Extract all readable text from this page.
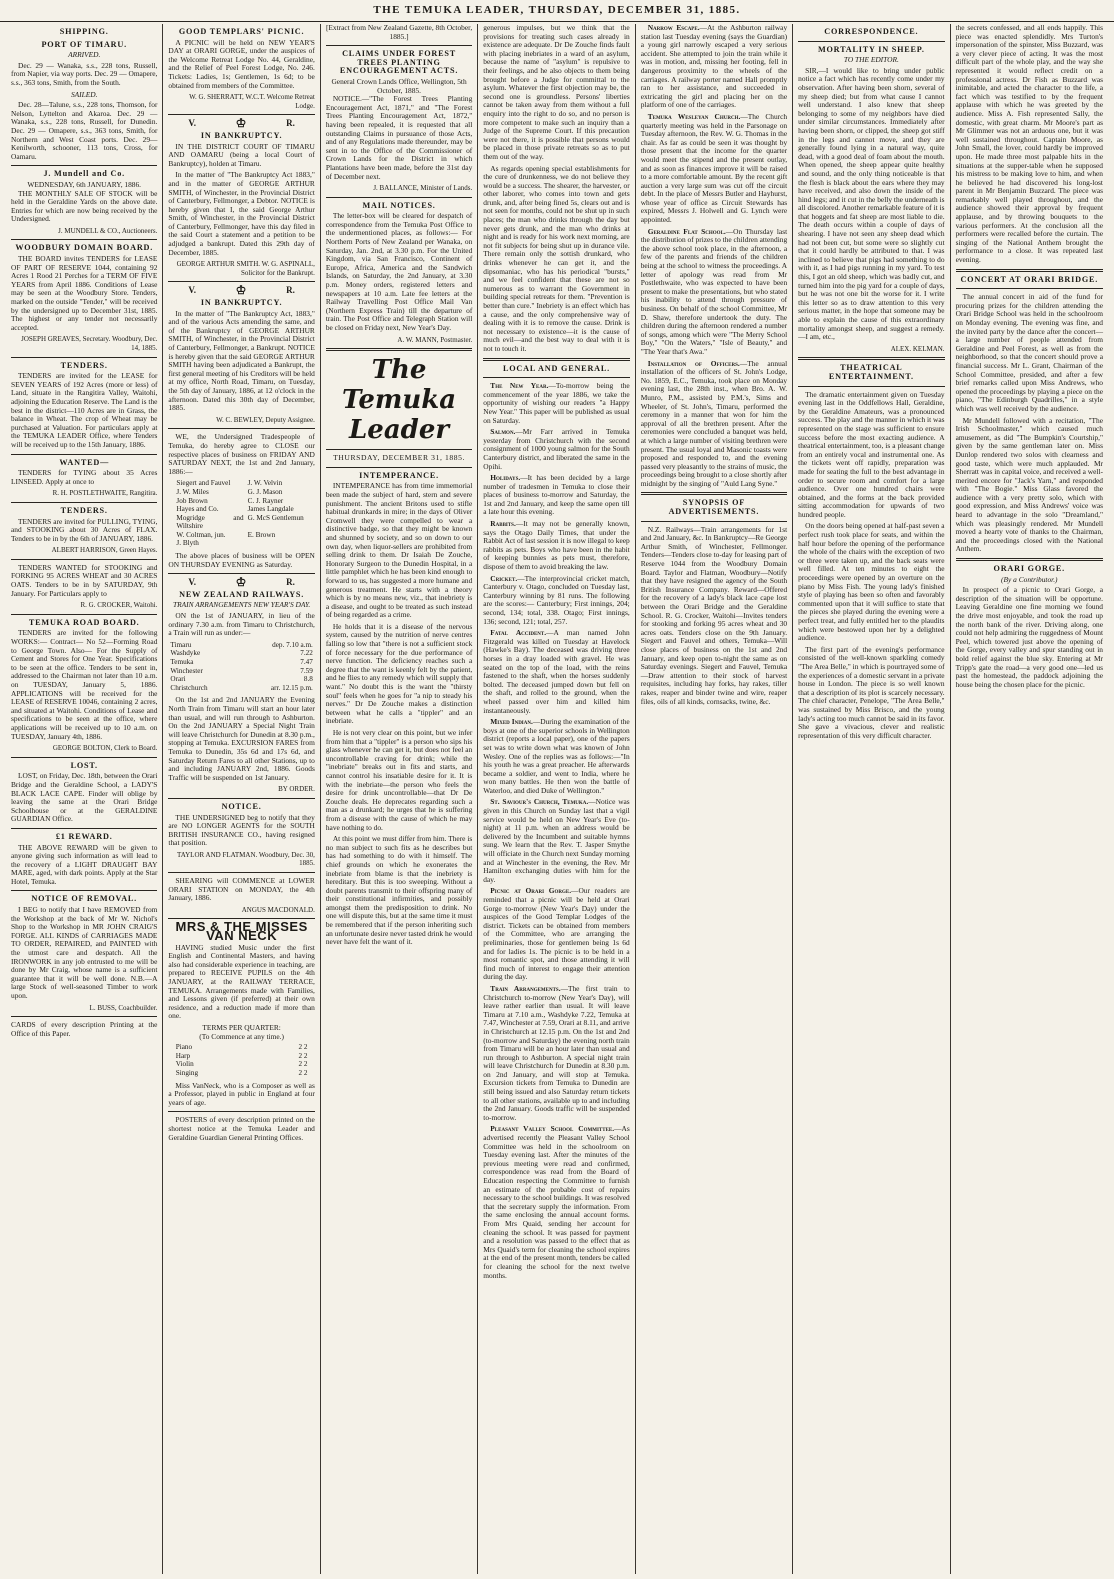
THE TEMUKA LEADER, THURSDAY, DECEMBER 31, 1885.
SHIPPING.
PORT OF TIMARU.
ARRIVED.

Dec. 29 — Wanaka, s.s., 228 tons, Russell, from Napier, via way ports. Dec. 29 — Omapere, s.s., 363 tons, Smith, from the South.

SAILED.

Dec. 28—Talune, s.s., 228 tons, Thomson, for Nelson, Lyttelton and Akaroa. Dec. 29 — Wanaka, s.s., 228 tons, Russell, for Dunedin. Dec. 29 — Omapere, s.s., 363 tons, Smith, for Northern and West Coast ports. Dec. 29—Kenilworth, schooner, 113 tons, Cross, for Oamaru.

J. Mundell and Co.
WEDNESDAY, 6th JANUARY, 1886.

THE MONTHLY SALE OF STOCK will be held in the Geraldine Yards on the above date. Entries for which are now being received by the Undersigned.

J. MUNDELL & CO., Auctioneers.
WOODBURY DOMAIN BOARD.

THE BOARD invites TENDERS for LEASE OF PART OF RESERVE 1044, containing 92 Acres 1 Rood 21 Perches for a TERM OF FIVE YEARS from April 1886. Conditions of Lease may be seen at the Woodbury Store. Tenders, marked on the outside "Tender," will be received by the undersigned up to December 31st, 1885. The highest or any tender not necessarily accepted.

JOSEPH GREAVES, Secretary. Woodbury, Dec. 14, 1885.
TENDERS.

TENDERS are invited for the LEASE for SEVEN YEARS of 192 Acres (more or less) of Land, situate in the Rangitira Valley, Waitohi, adjoining the Education Reserve. The Land is the best in the district—110 Acres are in Grass, the balance in Wheat. The crop of Wheat may be purchased at Valuation. For particulars apply at the TEMUKA LEADER Office, where Tenders will be received up to the 15th January, 1886.

WANTED—

TENDERS for TYING about 35 Acres LINSEED. Apply at once to

R. H. POSTLETHWAITE, Rangitira.
TENDERS.

TENDERS are invited for PULLING, TYING, and STOOKING about 30 Acres of FLAX. Tenders to be in by the 6th of JANUARY, 1886.

ALBERT HARRISON, Green Hayes.

TENDERS WANTED for STOOKING and FORKING 95 ACRES WHEAT and 30 ACRES OATS. Tenders to be in by SATURDAY, 9th January. For Particulars apply to

R. G. CROCKER, Waitohi.
TEMUKA ROAD BOARD.

TENDERS are invited for the following WORKS:— Contract— No 52—Forming Road to George Town. Also— For the Supply of Cement and Stores for One Year. Specifications to be seen at the office. Tenders to be sent in, addressed to the Chairman not later than 10 a.m. on TUESDAY, January 5, 1886. APPLICATIONS will be received for the LEASE of RESERVE 10046, containing 2 acres, and situated at Waitohi. Conditions of Lease and specifications to be seen at the office, where applications will be received up to 10 a.m. on TUESDAY, January 4th, 1886.

GEORGE BOLTON, Clerk to Board.
LOST.

LOST, on Friday, Dec. 18th, between the Orari Bridge and the Geraldine School, a LADY'S BLACK LACE CAPE. Finder will oblige by leaving the same at the Orari Bridge Schoolhouse or at the GERALDINE GUARDIAN Office.

£1 REWARD.

THE ABOVE REWARD will be given to anyone giving such information as will lead to the recovery of a LIGHT DRAUGHT BAY MARE, aged, with dark points. Apply at the Star Hotel, Temuka.

NOTICE OF REMOVAL.

I BEG to notify that I have REMOVED from the Workshop at the back of Mr W. Nichol's Shop to the Workshop in MR JOHN CRAIG'S FORGE. ALL KINDS of CARRIAGES MADE TO ORDER, REPAIRED, and PAINTED with the utmost care and despatch. All the IRONWORK in any job entrusted to me will be done by Mr Craig, whose name is a sufficient guarantee that it will be well done. N.B.—A large Stock of well-seasoned Timber to work upon.

L. BUSS, Coachbuilder.

CARDS of every description Printing at the Office of this Paper.

GOOD TEMPLARS' PICNIC.

A PICNIC will be held on NEW YEAR'S DAY at ORARI GORGE, under the auspices of the Welcome Retreat Lodge No. 44, Geraldine, and the Relief of Peel Forest Lodge, No. 246. Tickets: Ladies, 1s; Gentlemen, 1s 6d; to be obtained from members of the Committee.

W. G. SHERRATT, W.C.T. Welcome Retreat Lodge.
V.	♔	R.
IN BANKRUPTCY.

IN THE DISTRICT COURT OF TIMARU AND OAMARU (being a local Court of Bankruptcy), holden at Timaru.

In the matter of "The Bankruptcy Act 1883," and in the matter of GEORGE ARTHUR SMITH, of Winchester, in the Provincial District of Canterbury, Fellmonger, a Debtor. NOTICE is hereby given that I, the said George Arthur Smith, of Winchester, in the Provincial District of Canterbury, Fellmonger, have this day filed in the said Court a statement and a petition to be adjudged a bankrupt. Dated this 29th day of December, 1885.

GEORGE ARTHUR SMITH. W. G. ASPINALL, Solicitor for the Bankrupt.
V.	♔	R.
IN BANKRUPTCY.

In the matter of "The Bankruptcy Act, 1883," and of the various Acts amending the same, and of the Bankruptcy of GEORGE ARTHUR SMITH, of Winchester, in the Provincial District of Canterbury, Fellmonger, a Bankrupt. NOTICE is hereby given that the said GEORGE ARTHUR SMITH having been adjudicated a Bankrupt, the first general meeting of his Creditors will be held at my office, North Road, Timaru, on Tuesday, the 5th day of January, 1886, at 12 o'clock in the afternoon. Dated this 30th day of December, 1885.

W. C. BEWLEY, Deputy Assignee.

WE, the Undersigned Tradespeople of Temuka, do hereby agree to CLOSE our respective places of business on FRIDAY AND SATURDAY NEXT, the 1st and 2nd January, 1886:—

Siegert and Fauvel	J. W. Velvin
J. W. Miles	G. J. Mason
Job Brown	C. J. Rayner
Hayes and Co.	James Langdale
Mogridge and Wiltshire
G. McS Gentlemun
W. Coltman, jun.	E. Brown
J. Blyth

The above places of business will be OPEN ON THURSDAY EVENING as Saturday.

V.	♔	R.
NEW ZEALAND RAILWAYS.
TRAIN ARRANGEMENTS NEW YEAR'S DAY.

ON the 1st of JANUARY, in lieu of the ordinary 7.30 a.m. from Timaru to Christchurch, a Train will run as under:—

Timaru	dep. 7.10 a.m.
Washdyke	7.22
Temuka	7.47
Winchester	7.59
Orari	8.8
Christchurch	arr. 12.15 p.m.

On the 1st and 2nd JANUARY the Evening North Train from Timaru will start an hour later than usual, and will run through to Ashburton. On the 2nd JANUARY a Special Night Train will leave Christchurch for Dunedin at 8.30 p.m., stopping at Temuka. EXCURSION FARES from Temuka to Dunedin, 35s 6d and 17s 6d, and Saturday Return Fares to all other Stations, up to and including JANUARY 2nd, 1886. Goods Traffic will be suspended on 1st January.

BY ORDER.
NOTICE.

THE UNDERSIGNED beg to notify that they are NO LONGER AGENTS for the SOUTH BRITISH INSURANCE CO., having resigned that position.

TAYLOR AND FLATMAN. Woodbury, Dec. 30, 1885.

SHEARING will COMMENCE at LOWER ORARI STATION on MONDAY, the 4th January, 1886.

ANGUS MACDONALD.
MRS & THE MISSES VAN NECK

HAVING studied Music under the first English and Continental Masters, and having also had considerable experience in teaching, are prepared to RECEIVE PUPILS on the 4th JANUARY, at the RAILWAY TERRACE, TEMUKA. Arrangements made with Families, and Lessons given (if preferred) at their own residence, and a reduction made if more than one.

TERMS PER QUARTER:
(To Commence at any time.)
Piano	2 2
Harp	2 2
Violin	2 2
Singing	2 2

Miss VanNeck, who is a Composer as well as a Professor, played in public in England at four years of age.

POSTERS of every description printed on the shortest notice at the Temuka Leader and Geraldine Guardian General Printing Offices.

[Extract from New Zealand Gazette, 8th October, 1885.]
CLAIMS UNDER FOREST TREES PLANTING ENCOURAGEMENT ACTS.
General Crown Lands Office, Wellington, 5th October, 1885.

NOTICE.—"The Forest Trees Planting Encouragement Act, 1871," and "The Forest Trees Planting Encouragement Act, 1872," having been repealed, it is requested that all outstanding Claims in pursuance of those Acts, and of any Regulations made thereunder, may be sent in to the Office of the Commissioner of Crown Lands for the District in which Plantations have been made, before the 31st day of December next.

J. BALLANCE, Minister of Lands.
MAIL NOTICES.

The letter-box will be cleared for despatch of correspondence from the Temuka Post Office to the undermentioned places, as follows:— For Northern Ports of New Zealand per Wanaka, on Saturday, Jan. 2nd, at 3.30 p.m. For the United Kingdom, via San Francisco, Continent of Europe, Africa, America and the Sandwich Islands, on Saturday, the 2nd January, at 3.30 p.m. Money orders, registered letters and newspapers at 10 a.m. Late fee letters at the Railway Travelling Post Office Mail Van (Northern Express Train) till the departure of train. The Post Office and Telegraph Station will be closed on Friday next, New Year's Day.

A. W. MANN, Postmaster.
The Temuka Leader
THURSDAY, DECEMBER 31, 1885.
INTEMPERANCE.

INTEMPERANCE has from time immemorial been made the subject of hard, stern and severe punishment. The ancient Britons used to stifle habitual drunkards in mire; in the days of Oliver Cromwell they were compelled to wear a distinctive badge, so that they might be known and shunned by society, and so on down to our own day, when liquor-sellers are prohibited from selling drink to them. Dr Isaiah De Zouche, Honorary Surgeon to the Dunedin Hospital, in a little pamphlet which he has been kind enough to forward to us, has suggested a more humane and generous treatment. He starts with a theory which is by no means new, viz., that inebriety is a disease, and ought to be treated as such instead of being regarded as a crime.

He holds that it is a disease of the nervous system, caused by the nutrition of nerve centres falling so low that "there is not a sufficient stock of force necessary for the due performance of nerve function. The deficiency reaches such a degree that the want is keenly felt by the patient, and he flies to any remedy which will supply that want." No doubt this is the want the "thirsty soul" feels when he goes for "a nip to steady his nerves." Dr De Zouche makes a distinction between what he calls a "tippler" and an inebriate.

He is not very clear on this point, but we infer from him that a "tippler" is a person who sips his glass whenever he can get it, but does not feel an uncontrollable craving for drink; while the "inebriate" breaks out in fits and starts, and cannot control his insatiable desire for it. It is with the inebriate—the person who feels the desire for drink uncontrollable—that Dr De Zouche deals. He deprecates regarding such a man as a drunkard; he urges that he is suffering from a disease with the cause of which he may have nothing to do.

At this point we must differ from him. There is no man subject to such fits as he describes but has had something to do with it himself. The chief grounds on which he exonerates the inebriate from blame is that the inebriety is hereditary. But this is too sweeping. Without a doubt parents transmit to their offspring many of their constitutional infirmities, and possibly amongst them the predisposition to drink. No one will dispute this, but at the same time it must be remembered that if the person inheriting such an unfortunate desire never tasted drink he would never have felt the want of it.

generous impulses, but we think that the provisions for treating such cases already in existence are adequate. Dr De Zouche finds fault with placing inebriates in a ward of an asylum, because the name of "asylum" is repulsive to their feelings, and he also objects to them being brought before a Judge for committal to the asylum. Whatever the first objection may be, the second one is groundless. Persons' liberties cannot be taken away from them without a full enquiry into the right to do so, and no person is more competent to make such an inquiry than a Judge of the Supreme Court. If this precaution were not there, it is possible that persons would be placed in those private retreats so as to put them out of the way.

As regards opening special establishments for the cure of drunkenness, we do not believe they would be a success. The shearer, the harvester, or other laborer, who comes into town and gets drunk, and, after being fined 5s, clears out and is not seen for months, could not be shut up in such places; the man who drinks through the day but never gets drunk, and the man who drinks at night and is ready for his work next morning, are not fit subjects for being shut up in durance vile. There remain only the sottish drunkard, who drinks whenever he can get it, and the dipsomaniac, who has his periodical "bursts," and we feel confident that these are not so numerous as to warrant the Government in building special retreats for them. "Prevention is better than cure." Inebriety is an effect which has a cause, and the only comprehensive way of dealing with it is to remove the cause. Drink is not necessary to existence—it is the cause of much evil—and the best way to deal with it is not to touch it.

LOCAL AND GENERAL.

The New Year.—To-morrow being the commencement of the year 1886, we take the opportunity of wishing our readers "a Happy New Year." This paper will be published as usual on Saturday.

Salmon.—Mr Farr arrived in Temuka yesterday from Christchurch with the second consignment of 1000 young salmon for the South Canterbury district, and liberated the same in the Opihi.

Holidays.—It has been decided by a large number of tradesmen in Temuka to close their places of business to-morrow and Saturday, the 1st and 2nd January, and keep the same open till a late hour this evening.

Rabbits.—It may not be generally known, says the Otago Daily Times, that under the Rabbit Act of last session it is now illegal to keep rabbits as pets. Boys who have been in the habit of keeping bunnies as pets must, therefore, dispose of them to avoid breaking the law.

Cricket.—The interprovincial cricket match, Canterbury v. Otago, concluded on Tuesday last, Canterbury winning by 81 runs. The following are the scores:— Canterbury; First innings, 204; second, 134; total, 338. Otago; First innings, 136; second, 121; total, 257.

Fatal Accident.—A man named John Fitzgerald was killed on Tuesday at Havelock (Hawke's Bay). The deceased was driving three horses in a dray loaded with gravel. He was seated on the top of the load, with the reins fastened to the shaft, when the horses suddenly bolted. The deceased jumped down but fell on the shaft, and rolled to the ground, when the wheel passed over him and killed him instantaneously.

Mixed Indian.—During the examination of the boys at one of the superior schools in Wellington district (reports a local paper), one of the papers set was to write down what was known of John Wesley. One of the replies was as follows:—"In his youth he was a great preacher. He afterwards became a soldier, and went to India, where he won many battles. He then won the battle of Waterloo, and died Duke of Wellington."

St. Saviour's Church, Temuka.—Notice was given in this Church on Sunday last that a vigil service would be held on New Year's Eve (to-night) at 11 p.m. when an address would be delivered by the Incumbent and suitable hymns sung. We learn that the Rev. T. Jasper Smythe will officiate in the Church next Sunday morning and at Winchester in the evening, the Rev. Mr Hamilton exchanging duties with him for the day.

Picnic at Orari Gorge.—Our readers are reminded that a picnic will be held at Orari Gorge to-morrow (New Year's Day) under the auspices of the Good Templar Lodges of the district. Tickets can be obtained from members of the Committee, who are arranging the preliminaries, those for gentlemen being 1s 6d and for ladies 1s. The picnic is to be held in a most romantic spot, and those attending it will find much of interest to engage their attention during the day.

Train Arrangements.—The first train to Christchurch to-morrow (New Year's Day), will leave rather earlier than usual. It will leave Timaru at 7.10 a.m., Washdyke 7.22, Temuka at 7.47, Winchester at 7.59, Orari at 8.11, and arrive in Christchurch at 12.15 p.m. On the 1st and 2nd (to-morrow and Saturday) the evening north train from Timaru will be an hour later than usual and run through to Ashburton. A special night train will leave Christchurch for Dunedin at 8.30 p.m. on 2nd January, and will stop at Temuka. Excursion tickets from Temuka to Dunedin are still being issued and also Saturday return tickets to all other stations, available up to and including the 2nd January. Goods traffic will be suspended to-morrow.

Pleasant Valley School Committee.—As advertised recently the Pleasant Valley School Committee was held in the schoolroom on Tuesday evening last. After the minutes of the previous meeting were read and confirmed, correspondence was read from the Board of Education respecting the Committee to furnish an estimate of the probable cost of repairs necessary to the school buildings. It was resolved that the secretary supply the information. From the same enclosing the annual account forms. From Mrs Quaid, sending her account for cleaning the school. It was passed for payment and a resolution was passed to the effect that as Mrs Quaid's term for cleaning the school expires at the end of the present month, tenders be called for cleaning the school for the next twelve months.

Narrow Escape.—At the Ashburton railway station last Tuesday evening (says the Guardian) a young girl narrowly escaped a very serious accident. She attempted to join the train while it was in motion, and, missing her footing, fell in dangerous proximity to the wheels of the carriages. A railway porter named Hall promptly ran to her assistance, and succeeded in extricating the girl and placing her on the platform of one of the carriages.

Temuka Wesleyan Church.—The Church quarterly meeting was held in the Parsonage on Tuesday afternoon, the Rev. W. G. Thomas in the chair. As far as could be seen it was thought by those present that the income for the quarter would meet the stipend and the present outlay, and as soon as finances improve it will be raised to a more comfortable amount. By the recent gift auction a very large sum was cut off the circuit debt. In the place of Messrs Butler and Hayhurst, whose year of office as Circuit Stewards has expired, Messrs J. Holwell and G. Lynch were appointed.

Geraldine Flat School.—On Thursday last the distribution of prizes to the children attending the above school took place, in the afternoon, a few of the parents and friends of the children being at the school to witness the proceedings. A letter of apology was read from Mr Postlethwaite, who was expected to have been present to make the presentations, but who stated his inability to attend through pressure of business. On behalf of the school Committee, Mr D. Shaw, therefore undertook the duty. The children during the afternoon rendered a number of songs, among which were "The Merry School Boy," "On the Waters," "Isle of Beauty," and "The Year that's Awa."

Installation of Officers.—The annual installation of the officers of St. John's Lodge, No. 1859, E.C., Temuka, took place on Monday evening last, the 28th inst., when Bro. A. W. Munro, P.M., assisted by P.M.'s, Sims and Wheeler, of St. John's, Timaru, performed the ceremony in a manner that won for him the approval of all the brethren present. After the ceremonies were concluded a banquet was held, at which a large number of visiting brethren were present. The usual loyal and Masonic toasts were proposed and responded to, and the evening passed very pleasantly to the strains of music, the proceedings being brought to a close shortly after midnight by the singing of "Auld Lang Syne."

SYNOPSIS OF ADVERTISEMENTS.

N.Z. Railways—Train arrangements for 1st and 2nd January, &c. In Bankruptcy—Re George Arthur Smith, of Winchester, Fellmonger. Tenders—Tenders close to-day for leasing part of Reserve 1044 from the Woodbury Domain Board. Taylor and Flatman, Woodbury—Notify that they have resigned the agency of the South British Insurance Company. Reward—Offered for the recovery of a lady's black lace cape lost between the Orari Bridge and the Geraldine School. R. G. Crocker, Waitohi—Invites tenders for stooking and forking 95 acres wheat and 30 acres oats. Tenders close on the 9th January. Siegert and Fauvel and others, Temuka—Will close places of business on the 1st and 2nd January, and keep open to-night the same as on Saturday evenings. Siegert and Fauvel, Temuka—Draw attention to their stock of harvest requisites, including hay forks, hay rakes, tiller rakes, reaper and binder twine and wire, reaper files, oils of all kinds, cornsacks, twine, &c.

CORRESPONDENCE.
MORTALITY IN SHEEP.
TO THE EDITOR.

SIR,—I would like to bring under public notice a fact which has recently come under my observation. After having been shorn, several of my sheep died; but from what cause I cannot well understand. I also knew that sheep belonging to some of my neighbors have died under similar circumstances. Immediately after having been shorn, or clipped, the sheep got stiff in the legs and cannot move, and they are generally found lying in a natural way, quite dead, with a good deal of foam about the mouth. When opened, the sheep appear quite healthy and sound, and the only thing noticeable is that the flesh is black about the ears where they may have received, and also down the inside of the hind legs; and it cut in the belly the underneath is all discolored. Another remarkable feature of it is that hoggets and fat sheep are most liable to die. The death occurs within a couple of days of shearing. I have not seen any sheep dead which had not been cut, but some were so slightly cut that it could hardly be attributed to that. I was inclined to believe that pigs had something to do with it, as I had pigs running in my yard. To test this, I got an old sheep, which was badly cut, and turned him into the pig yard for a couple of days, but he was not one bit the worse for it. I write this letter so as to draw attention to this very serious matter, in the hope that someone may be able to explain the cause of this extraordinary mortality amongst sheep, and suggest a remedy.—I am, etc.,

ALEX. KELMAN.
THEATRICAL ENTERTAINMENT.

The dramatic entertainment given on Tuesday evening last in the Oddfellows Hall, Geraldine, by the Geraldine Amateurs, was a pronounced success. The play and the manner in which it was represented on the stage was sufficient to ensure success before the most exacting audience. A theatrical entertainment, too, is a pleasant change from an entirely vocal and instrumental one. As the tickets went off rapidly, preparation was made for seating the full to the best advantage in order to secure room and comfort for a large audience. Over one hundred chairs were obtained, and the forms at the back provided sitting accommodation for upwards of two hundred people.

On the doors being opened at half-past seven a perfect rush took place for seats, and within the half hour before the opening of the performance the whole of the chairs with the exception of two or three were taken up, and the back seats were well filled. At ten minutes to eight the proceedings were opened by an overture on the piano by Miss Fish. The young lady's finished style of playing has been so often and favorably commented upon that it will suffice to state that the pieces she played during the evening were a perfect treat, and fully entitled her to the plaudits which were bestowed upon her by a delighted audience.

The first part of the evening's performance consisted of the well-known sparkling comedy "The Area Belle," in which is pourtrayed some of the experiences of a domestic servant in a private house in London. The piece is so well known that a description of its plot is scarcely necessary. The chief character, Penelope, "The Area Belle," was sustained by Miss Brisco, and the young lady's acting too much cannot be said in its favor. She gave a vivacious, clever and realistic representation of this very difficult character.

the secrets confessed, and all ends happily. This piece was enacted splendidly. Mrs Turton's impersonation of the spinster, Miss Buzzard, was a very clever piece of acting. It was the most difficult part of the whole play, and the way she represented it would reflect credit on a professional actress. Dr Fish as Buzzard was inimitable, and acted the character to the life, a fact which was testified to by the frequent applause with which he was greeted by the audience. Miss A. Fish represented Sally, the domestic, with great charm. Mr Moore's part as Mr Glimmer was not an arduous one, but it was well sustained throughout. Captain Moore, as John Small, the lover, could hardly be improved upon. He made three most palpable hits in the situations at the supper-table when he supposed his mistress to be making love to him, and when he believed he had discovered his long-lost parent in Mr Benjamin Buzzard. The piece was remarkably well played throughout, and the audience showed their approval by frequent applause, and by throwing bouquets to the various performers. At the conclusion all the performers were recalled before the curtain. The singing of the National Anthem brought the performance to a close. It was repeated last evening.

CONCERT AT ORARI BRIDGE.

The annual concert in aid of the fund for procuring prizes for the children attending the Orari Bridge School was held in the schoolroom on Monday evening. The evening was fine, and the invited party by the dance after the concert—a large number of people attended from Geraldine and Peel Forest, as well as from the neighborhood, so that the concert should prove a financial success. Mr L. Grant, Chairman of the School Committee, presided, and after a few brief remarks called upon Miss Andrews, who opened the proceedings by playing a piece on the piano, "The Edinburgh Quadrilles," in a style which was well received by the audience.

Mr Mundell followed with a recitation, "The Irish Schoolmaster," which caused much amusement, as did "The Bumpkin's Courtship," given by the same gentleman later on. Miss Dunlop rendered two solos with clearness and good taste, which were much applauded. Mr Sherratt was in capital voice, and received a well-merited encore for "Jack's Yarn," and responded with "The Bogie." Miss Glass favored the audience with a very pretty solo, which with good expression, and Miss Andrews' voice was heard to advantage in the solo "Dreamland," which was pleasingly rendered. Mr Mundell moved a hearty vote of thanks to the Chairman, and the proceedings closed with the National Anthem.

ORARI GORGE.
(By a Contributor.)

In prospect of a picnic to Orari Gorge, a description of the situation will be opportune. Leaving Geraldine one fine morning we found the drive most enjoyable, and took the road up the north bank of the river. Driving along, one could not help admiring the ruggedness of Mount Peel, which towered just above the opening of the Gorge, every valley and spur standing out in bold relief against the blue sky. Entering at Mr Tripp's gate the road—a very good one—led us past the homestead, the paddock adjoining the house being the chosen place for the picnic.
